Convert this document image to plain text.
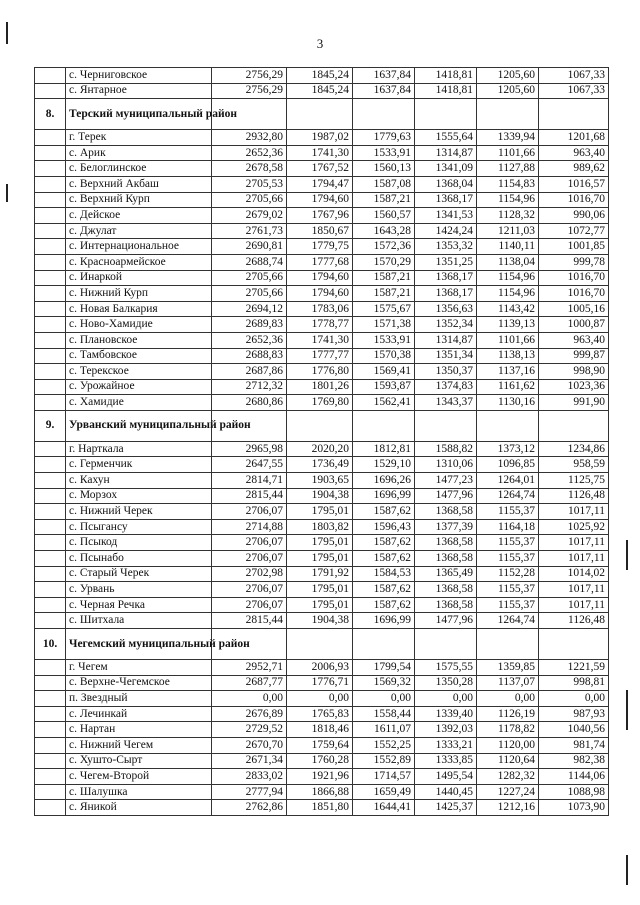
3
	с. Черниговское	2756,29	1845,24	1637,84	1418,81	1205,60	1067,33
	с. Янтарное	2756,29	1845,24	1637,84	1418,81	1205,60	1067,33
8.	Терский муниципальный район						
	г. Терек	2932,80	1987,02	1779,63	1555,64	1339,94	1201,68
	с. Арик	2652,36	1741,30	1533,91	1314,87	1101,66	963,40
	с. Белоглинское	2678,58	1767,52	1560,13	1341,09	1127,88	989,62
	с. Верхний Акбаш	2705,53	1794,47	1587,08	1368,04	1154,83	1016,57
	с. Верхний Курп	2705,66	1794,60	1587,21	1368,17	1154,96	1016,70
	с. Дейское	2679,02	1767,96	1560,57	1341,53	1128,32	990,06
	с. Джулат	2761,73	1850,67	1643,28	1424,24	1211,03	1072,77
	с. Интернациональное	2690,81	1779,75	1572,36	1353,32	1140,11	1001,85
	с. Красноармейское	2688,74	1777,68	1570,29	1351,25	1138,04	999,78
	с. Инаркой	2705,66	1794,60	1587,21	1368,17	1154,96	1016,70
	с. Нижний Курп	2705,66	1794,60	1587,21	1368,17	1154,96	1016,70
	с. Новая Балкария	2694,12	1783,06	1575,67	1356,63	1143,42	1005,16
	с. Ново-Хамидие	2689,83	1778,77	1571,38	1352,34	1139,13	1000,87
	с. Плановское	2652,36	1741,30	1533,91	1314,87	1101,66	963,40
	с. Тамбовское	2688,83	1777,77	1570,38	1351,34	1138,13	999,87
	с. Терекское	2687,86	1776,80	1569,41	1350,37	1137,16	998,90
	с. Урожайное	2712,32	1801,26	1593,87	1374,83	1161,62	1023,36
	с. Хамидие	2680,86	1769,80	1562,41	1343,37	1130,16	991,90
9.	Урванский муниципальный район						
	г. Нарткала	2965,98	2020,20	1812,81	1588,82	1373,12	1234,86
	с. Герменчик	2647,55	1736,49	1529,10	1310,06	1096,85	958,59
	с. Кахун	2814,71	1903,65	1696,26	1477,23	1264,01	1125,75
	с. Морзох	2815,44	1904,38	1696,99	1477,96	1264,74	1126,48
	с. Нижний Черек	2706,07	1795,01	1587,62	1368,58	1155,37	1017,11
	с. Псыгансу	2714,88	1803,82	1596,43	1377,39	1164,18	1025,92
	с. Псыкод	2706,07	1795,01	1587,62	1368,58	1155,37	1017,11
	с. Псынабо	2706,07	1795,01	1587,62	1368,58	1155,37	1017,11
	с. Старый Черек	2702,98	1791,92	1584,53	1365,49	1152,28	1014,02
	с. Урвань	2706,07	1795,01	1587,62	1368,58	1155,37	1017,11
	с. Черная Речка	2706,07	1795,01	1587,62	1368,58	1155,37	1017,11
	с. Шитхала	2815,44	1904,38	1696,99	1477,96	1264,74	1126,48
10.	Чегемский муниципальный район						
	г. Чегем	2952,71	2006,93	1799,54	1575,55	1359,85	1221,59
	с. Верхне-Чегемское	2687,77	1776,71	1569,32	1350,28	1137,07	998,81
	п. Звездный	0,00	0,00	0,00	0,00	0,00	0,00
	с. Лечинкай	2676,89	1765,83	1558,44	1339,40	1126,19	987,93
	с. Нартан	2729,52	1818,46	1611,07	1392,03	1178,82	1040,56
	с. Нижний Чегем	2670,70	1759,64	1552,25	1333,21	1120,00	981,74
	с. Хушто-Сырт	2671,34	1760,28	1552,89	1333,85	1120,64	982,38
	с. Чегем-Второй	2833,02	1921,96	1714,57	1495,54	1282,32	1144,06
	с. Шалушка	2777,94	1866,88	1659,49	1440,45	1227,24	1088,98
	с. Яникой	2762,86	1851,80	1644,41	1425,37	1212,16	1073,90
